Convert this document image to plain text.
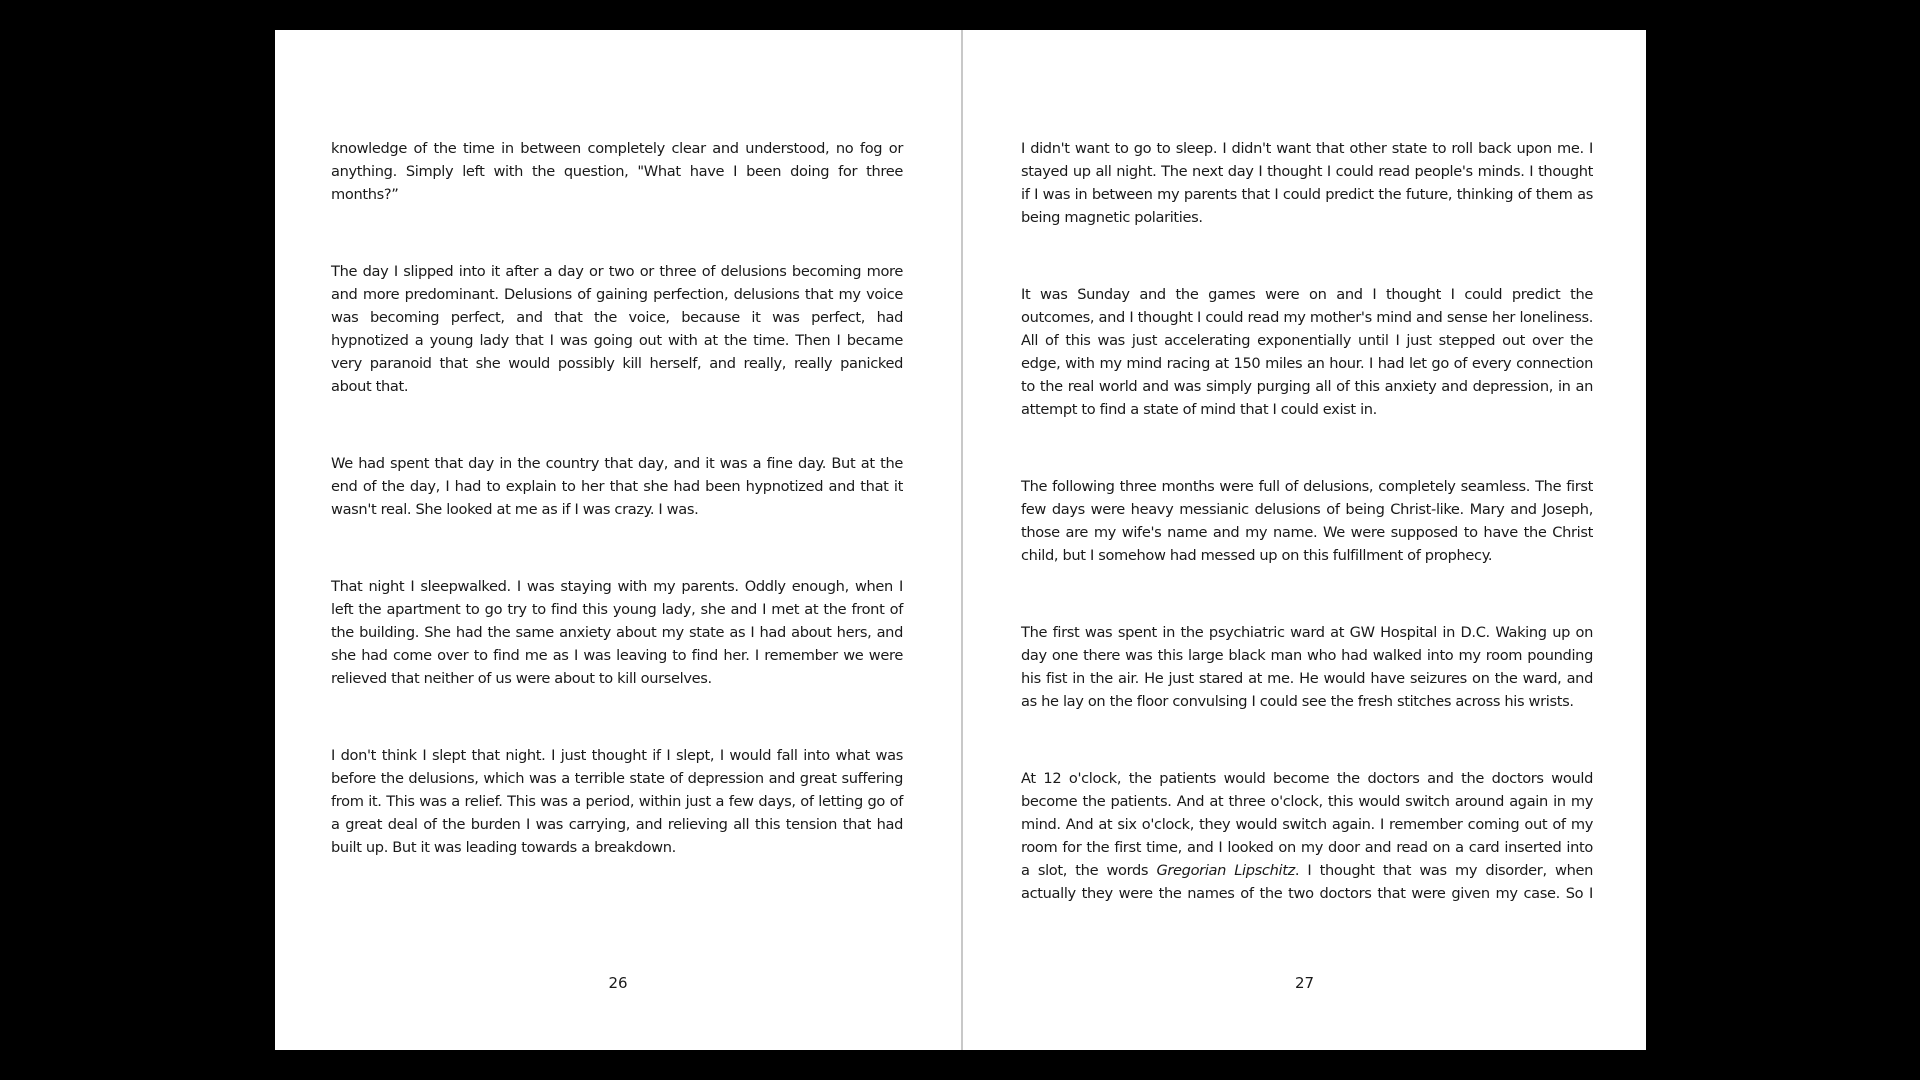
knowledge of the time in between completely clear and understood, no fog or anything. Simply left with the question, "What have I been doing for three months?”

The day I slipped into it after a day or two or three of delusions becoming more and more predominant. Delusions of gaining perfection, delusions that my voice was becoming perfect, and that the voice, because it was perfect, had hypnotized a young lady that I was going out with at the time. Then I became very paranoid that she would possibly kill herself, and really, really panicked about that.

We had spent that day in the country that day, and it was a fine day. But at the end of the day, I had to explain to her that she had been hypnotized and that it wasn't real. She looked at me as if I was crazy. I was.

That night I sleepwalked. I was staying with my parents. Oddly enough, when I left the apartment to go try to find this young lady, she and I met at the front of the building. She had the same anxiety about my state as I had about hers, and she had come over to find me as I was leaving to find her. I remember we were relieved that neither of us were about to kill ourselves.

I don't think I slept that night. I just thought if I slept, I would fall into what was before the delusions, which was a terrible state of depression and great suffering from it. This was a relief. This was a period, within just a few days, of letting go of a great deal of the burden I was carrying, and relieving all this tension that had built up. But it was leading towards a breakdown.

26

I didn't want to go to sleep. I didn't want that other state to roll back upon me. I stayed up all night. The next day I thought I could read people's minds. I thought if I was in between my parents that I could predict the future, thinking of them as being magnetic polarities.

It was Sunday and the games were on and I thought I could predict the outcomes, and I thought I could read my mother's mind and sense her loneliness. All of this was just accelerating exponentially until I just stepped out over the edge, with my mind racing at 150 miles an hour. I had let go of every connection to the real world and was simply purging all of this anxiety and depression, in an attempt to find a state of mind that I could exist in.

The following three months were full of delusions, completely seamless. The first few days were heavy messianic delusions of being Christ-like. Mary and Joseph, those are my wife's name and my name. We were supposed to have the Christ child, but I somehow had messed up on this fulfillment of prophecy.

The first was spent in the psychiatric ward at GW Hospital in D.C. Waking up on day one there was this large black man who had walked into my room pounding his fist in the air. He just stared at me. He would have seizures on the ward, and as he lay on the floor convulsing I could see the fresh stitches across his wrists.

At 12 o'clock, the patients would become the doctors and the doctors would become the patients. And at three o'clock, this would switch around again in my mind. And at six o'clock, they would switch again. I remember coming out of my room for the first time, and I looked on my door and read on a card inserted into a slot, the words Gregorian Lipschitz. I thought that was my disorder, when actually they were the names of the two doctors that were given my case. So I

27
